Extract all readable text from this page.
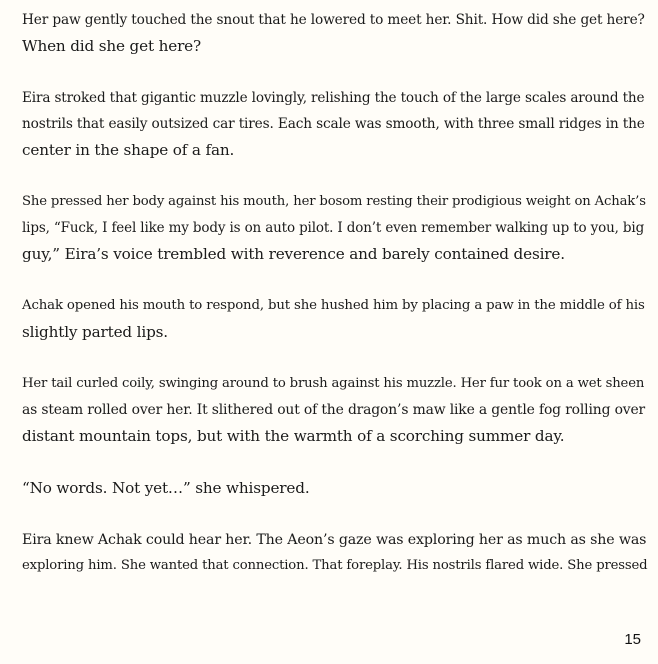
Her paw gently touched the snout that he lowered to meet her. Shit. How did she get here?
When did she get here?

Eira stroked that gigantic muzzle lovingly, relishing the touch of the large scales around the
nostrils that easily outsized car tires. Each scale was smooth, with three small ridges in the
center in the shape of a fan.

She pressed her body against his mouth, her bosom resting their prodigious weight on Achak’s
lips, “Fuck, I feel like my body is on auto pilot. I don’t even remember walking up to you, big
guy,” Eira’s voice trembled with reverence and barely contained desire.

Achak opened his mouth to respond, but she hushed him by placing a paw in the middle of his
slightly parted lips.

Her tail curled coily, swinging around to brush against his muzzle. Her fur took on a wet sheen
as steam rolled over her. It slithered out of the dragon’s maw like a gentle fog rolling over
distant mountain tops, but with the warmth of a scorching summer day.

“No words. Not yet…” she whispered.

Eira knew Achak could hear her. The Aeon’s gaze was exploring her as much as she was
exploring him. She wanted that connection. That foreplay. His nostrils flared wide. She pressed

15
